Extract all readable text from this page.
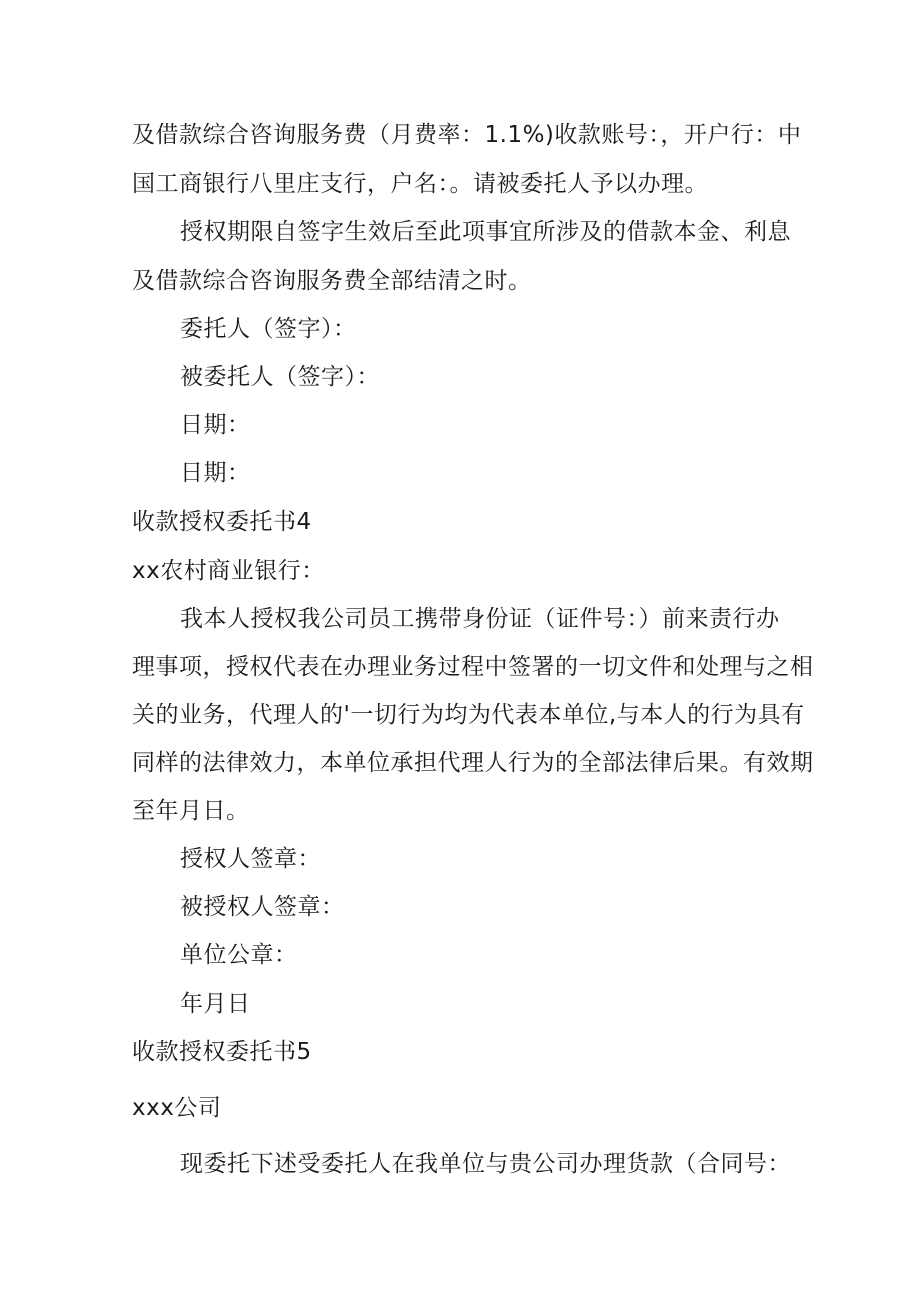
及借款综合咨询服务费（月费率：1.1%)收款账号：，开户行：中
国工商银行八里庄支行，户名：。请被委托人予以办理。
授权期限自签字生效后至此项事宜所涉及的借款本金、利息
及借款综合咨询服务费全部结清之时。
委托人（签字）：
被委托人（签字）：
日期：
日期：
收款授权委托书4
xx农村商业银行：
我本人授权我公司员工携带身份证（证件号：）前来责行办
理事项，授权代表在办理业务过程中签署的一切文件和处理与之相
关的业务，代理人的'一切行为均为代表本单位,与本人的行为具有
同样的法律效力，本单位承担代理人行为的全部法律后果。有效期
至年月日。
授权人签章：
被授权人签章：
单位公章：
年月日
收款授权委托书5
xxx公司
现委托下述受委托人在我单位与贵公司办理货款（合同号：
